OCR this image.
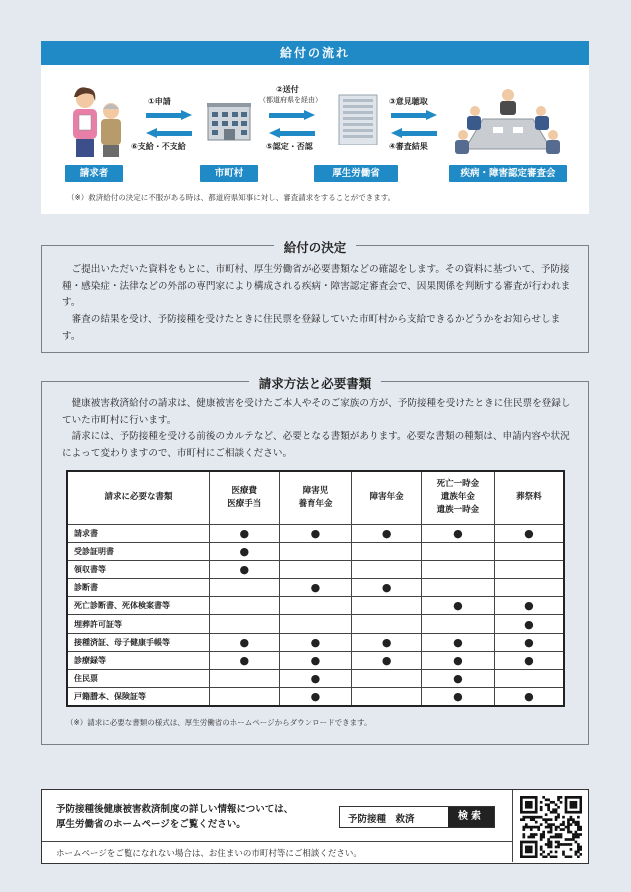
給付の流れ
①申請
⑥支給・不支給
②送付
（都道府県を経由）
⑤認定・否認
③意見聴取
④審査結果
請求者	市町村	厚生労働省	疾病・障害認定審査会
（※）救済給付の決定に不服がある時は、都道府県知事に対し、審査請求をすることができます。
給付の決定
ご提出いただいた資料をもとに、市町村、厚生労働省が必要書類などの確認をします。その資料に基づいて、予防接種・感染症・法律などの外部の専門家により構成される疾病・障害認定審査会で、因果関係を判断する審査が行われます。
審査の結果を受け、予防接種を受けたときに住民票を登録していた市町村から支給できるかどうかをお知らせします。
請求方法と必要書類
健康被害救済給付の請求は、健康被害を受けたご本人やそのご家族の方が、予防接種を受けたときに住民票を登録していた市町村に行います。
請求には、予防接種を受ける前後のカルテなど、必要となる書類があります。必要な書類の種類は、申請内容や状況によって変わりますので、市町村にご相談ください。
請求に必要な書類	医療費
医療手当	障害児
養育年金	障害年金	死亡一時金
遺族年金
遺族一時金	葬祭料
請求書	●	●	●	●	●
受診証明書	●				
領収書等	●				
診断書		●	●		
死亡診断書、死体検案書等				●	●
埋葬許可証等					●
接種済証、母子健康手帳等	●	●	●	●	●
診療録等	●	●	●	●	●
住民票		●		●	
戸籍謄本、保険証等		●		●	●
（※）請求に必要な書類の様式は、厚生労働省のホームページからダウンロードできます。
予防接種後健康被害救済制度の詳しい情報については、
厚生労働省のホームページをご覧ください。	予防接種　救済	検索
ホームページをご覧になれない場合は、お住まいの市町村等にご相談ください。
